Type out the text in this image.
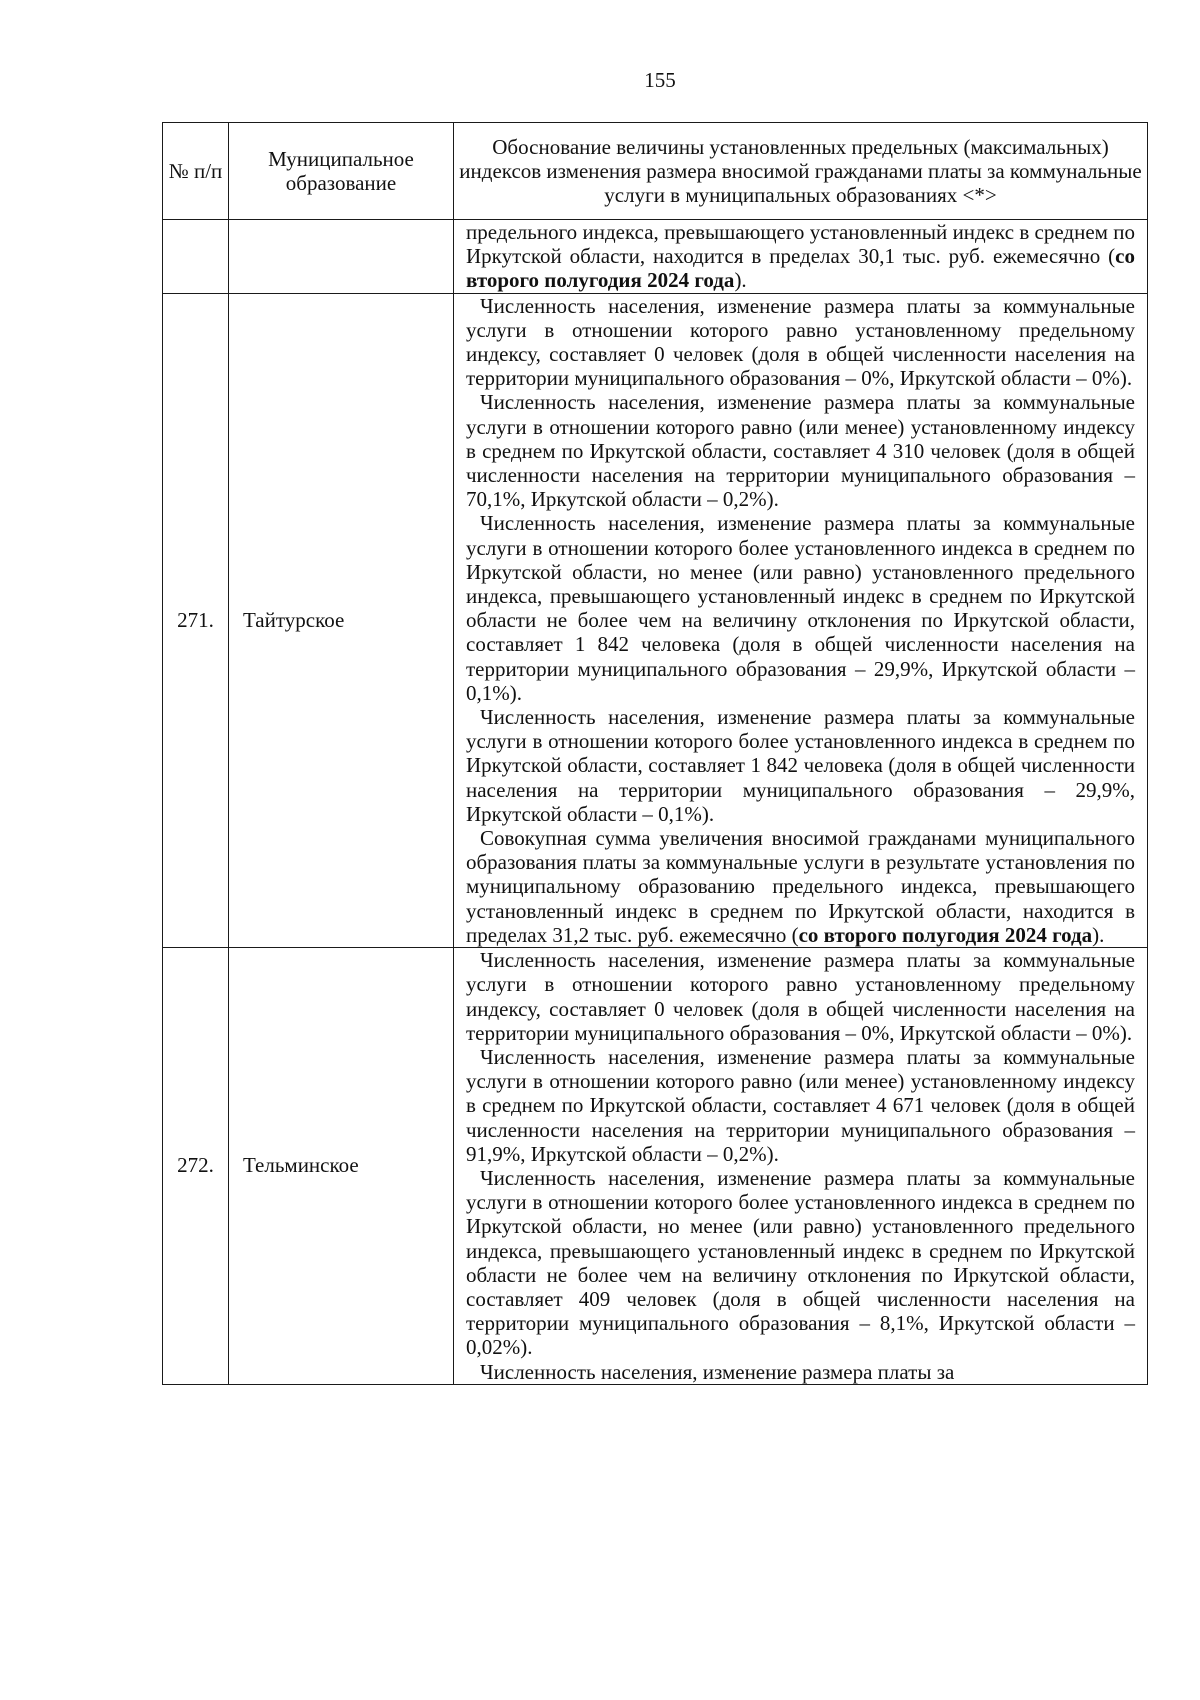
155
№ п/п	Муниципальное образование	Обоснование величины установленных предельных (максимальных) индексов изменения размера вносимой гражданами платы за коммунальные услуги в муниципальных образованиях <*>

		предельного индекса, превышающего установленный индекс в среднем по Иркутской области, находится в пределах 30,1 тыс. руб. ежемесячно (со второго полугодия 2024 года).

271.	Тайтурское	Численность населения, изменение размера платы за коммунальные услуги в отношении которого равно установленному предельному индексу, составляет 0 человек (доля в общей численности населения на территории муниципального образования – 0%, Иркутской области – 0%).

Численность населения, изменение размера платы за коммунальные услуги в отношении которого равно (или менее) установленному индексу в среднем по Иркутской области, составляет 4 310 человек (доля в общей численности населения на территории муниципального образования – 70,1%, Иркутской области – 0,2%).

Численность населения, изменение размера платы за коммунальные услуги в отношении которого более установленного индекса в среднем по Иркутской области, но менее (или равно) установленного предельного индекса, превышающего установленный индекс в среднем по Иркутской области не более чем на величину отклонения по Иркутской области, составляет 1 842 человека (доля в общей численности населения на территории муниципального образования – 29,9%, Иркутской области – 0,1%).

Численность населения, изменение размера платы за коммунальные услуги в отношении которого более установленного индекса в среднем по Иркутской области, составляет 1 842 человека (доля в общей численности населения на территории муниципального образования – 29,9%, Иркутской области – 0,1%).

Совокупная сумма увеличения вносимой гражданами муниципального образования платы за коммунальные услуги в результате установления по муниципальному образованию предельного индекса, превышающего установленный индекс в среднем по Иркутской области, находится в пределах 31,2 тыс. руб. ежемесячно (со второго полугодия 2024 года).

272.	Тельминское	Численность населения, изменение размера платы за коммунальные услуги в отношении которого равно установленному предельному индексу, составляет 0 человек (доля в общей численности населения на территории муниципального образования – 0%, Иркутской области – 0%).

Численность населения, изменение размера платы за коммунальные услуги в отношении которого равно (или менее) установленному индексу в среднем по Иркутской области, составляет 4 671 человек (доля в общей численности населения на территории муниципального образования – 91,9%, Иркутской области – 0,2%).

Численность населения, изменение размера платы за коммунальные услуги в отношении которого более установленного индекса в среднем по Иркутской области, но менее (или равно) установленного предельного индекса, превышающего установленный индекс в среднем по Иркутской области не более чем на величину отклонения по Иркутской области, составляет 409 человек (доля в общей численности населения на территории муниципального образования – 8,1%, Иркутской области – 0,02%).

Численность населения, изменение размера платы за
